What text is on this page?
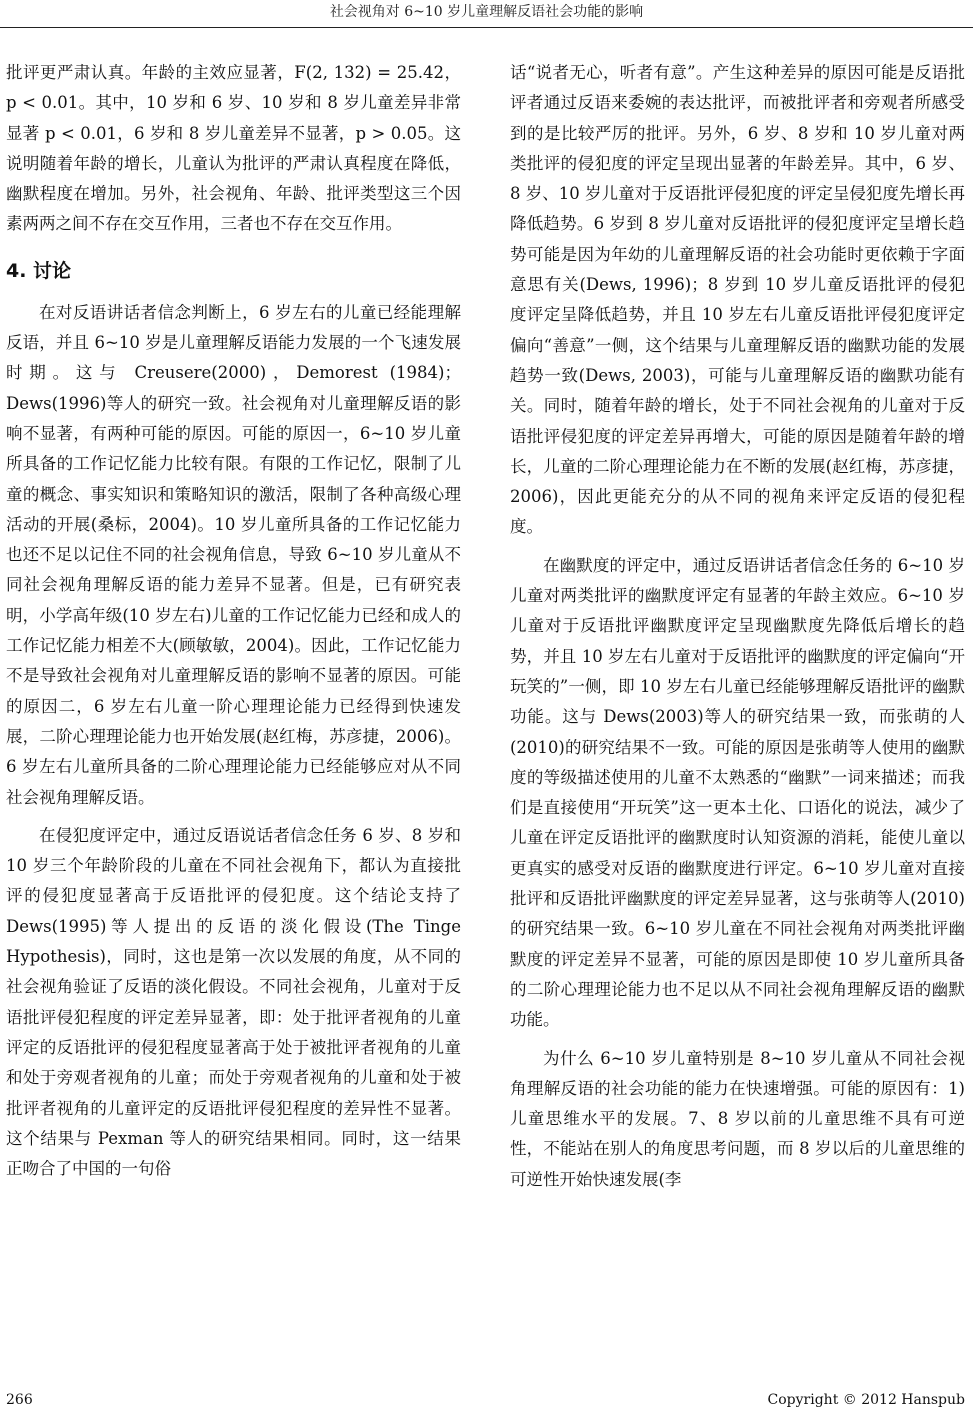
社会视角对 6~10 岁儿童理解反语社会功能的影响

批评更严肃认真。年龄的主效应显著，F(2, 132) = 25.42，p < 0.01。其中，10 岁和 6 岁、10 岁和 8 岁儿童差异非常显著 p < 0.01，6 岁和 8 岁儿童差异不显著，p > 0.05。这说明随着年龄的增长，儿童认为批评的严肃认真程度在降低，幽默程度在增加。另外，社会视角、年龄、批评类型这三个因素两两之间不存在交互作用，三者也不存在交互作用。

4. 讨论

在对反语讲话者信念判断上，6 岁左右的儿童已经能理解反语，并且 6~10 岁是儿童理解反语能力发展的一个飞速发展时期。这与 Creusere(2000)，Demorest (1984)；Dews(1996)等人的研究一致。社会视角对儿童理解反语的影响不显著，有两种可能的原因。可能的原因一，6~10 岁儿童所具备的工作记忆能力比较有限。有限的工作记忆，限制了儿童的概念、事实知识和策略知识的激活，限制了各种高级心理活动的开展(桑标，2004)。10 岁儿童所具备的工作记忆能力也还不足以记住不同的社会视角信息，导致 6~10 岁儿童从不同社会视角理解反语的能力差异不显著。但是，已有研究表明，小学高年级(10 岁左右)儿童的工作记忆能力已经和成人的工作记忆能力相差不大(顾敏敏，2004)。因此，工作记忆能力不是导致社会视角对儿童理解反语的影响不显著的原因。可能的原因二，6 岁左右儿童一阶心理理论能力已经得到快速发展，二阶心理理论能力也开始发展(赵红梅，苏彦捷，2006)。6 岁左右儿童所具备的二阶心理理论能力已经能够应对从不同社会视角理解反语。

在侵犯度评定中，通过反语说话者信念任务 6 岁、8 岁和 10 岁三个年龄阶段的儿童在不同社会视角下，都认为直接批评的侵犯度显著高于反语批评的侵犯度。这个结论支持了 Dews(1995)等人提出的反语的淡化假设(The Tinge Hypothesis)，同时，这也是第一次以发展的角度，从不同的社会视角验证了反语的淡化假设。不同社会视角，儿童对于反语批评侵犯程度的评定差异显著，即：处于批评者视角的儿童评定的反语批评的侵犯程度显著高于处于被批评者视角的儿童和处于旁观者视角的儿童；而处于旁观者视角的儿童和处于被批评者视角的儿童评定的反语批评侵犯程度的差异性不显著。这个结果与 Pexman 等人的研究结果相同。同时，这一结果正吻合了中国的一句俗

话“说者无心，听者有意”。产生这种差异的原因可能是反语批评者通过反语来委婉的表达批评，而被批评者和旁观者所感受到的是比较严厉的批评。另外，6 岁、8 岁和 10 岁儿童对两类批评的侵犯度的评定呈现出显著的年龄差异。其中，6 岁、8 岁、10 岁儿童对于反语批评侵犯度的评定呈侵犯度先增长再降低趋势。6 岁到 8 岁儿童对反语批评的侵犯度评定呈增长趋势可能是因为年幼的儿童理解反语的社会功能时更依赖于字面意思有关(Dews, 1996)；8 岁到 10 岁儿童反语批评的侵犯度评定呈降低趋势，并且 10 岁左右儿童反语批评侵犯度评定偏向“善意”一侧，这个结果与儿童理解反语的幽默功能的发展趋势一致(Dews, 2003)，可能与儿童理解反语的幽默功能有关。同时，随着年龄的增长，处于不同社会视角的儿童对于反语批评侵犯度的评定差异再增大，可能的原因是随着年龄的增长，儿童的二阶心理理论能力在不断的发展(赵红梅，苏彦捷，2006)，因此更能充分的从不同的视角来评定反语的侵犯程度。

在幽默度的评定中，通过反语讲话者信念任务的 6~10 岁儿童对两类批评的幽默度评定有显著的年龄主效应。6~10 岁儿童对于反语批评幽默度评定呈现幽默度先降低后增长的趋势，并且 10 岁左右儿童对于反语批评的幽默度的评定偏向“开玩笑的”一侧，即 10 岁左右儿童已经能够理解反语批评的幽默功能。这与 Dews(2003)等人的研究结果一致，而张萌的人(2010)的研究结果不一致。可能的原因是张萌等人使用的幽默度的等级描述使用的儿童不太熟悉的“幽默”一词来描述；而我们是直接使用“开玩笑”这一更本土化、口语化的说法，减少了儿童在评定反语批评的幽默度时认知资源的消耗，能使儿童以更真实的感受对反语的幽默度进行评定。6~10 岁儿童对直接批评和反语批评幽默度的评定差异显著，这与张萌等人(2010)的研究结果一致。6~10 岁儿童在不同社会视角对两类批评幽默度的评定差异不显著，可能的原因是即使 10 岁儿童所具备的二阶心理理论能力也不足以从不同社会视角理解反语的幽默功能。

为什么 6~10 岁儿童特别是 8~10 岁儿童从不同社会视角理解反语的社会功能的能力在快速增强。可能的原因有：1) 儿童思维水平的发展。7、8 岁以前的儿童思维不具有可逆性，不能站在别人的角度思考问题，而 8 岁以后的儿童思维的可逆性开始快速发展(李

266	Copyright © 2012 Hanspub
